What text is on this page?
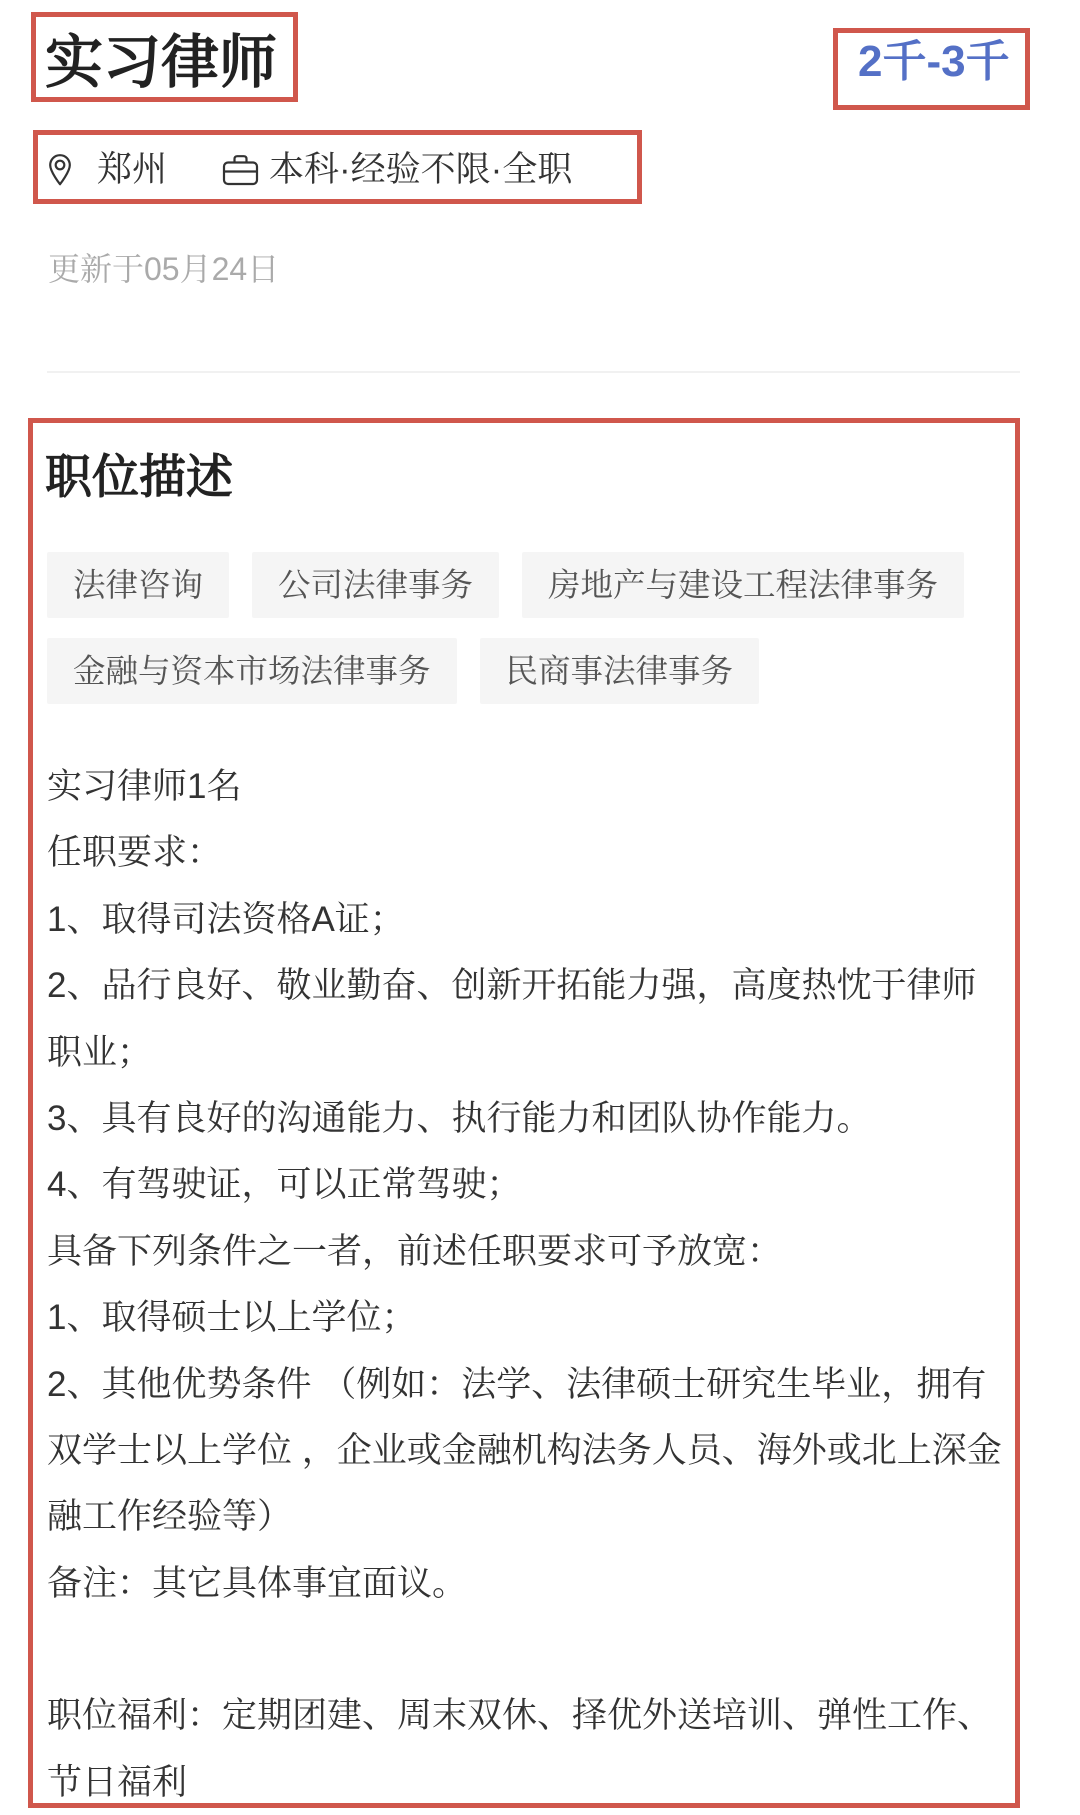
实习律师	2千-3千
郑州	本科·经验不限·全职
更新于05月24日
职位描述
法律咨询	公司法律事务	房地产与建设工程法律事务
金融与资本市场法律事务	民商事法律事务
实习律师1名
任职要求：
1、取得司法资格A证；
2、品行良好、敬业勤奋、创新开拓能力强，高度热忱于律师
职业；
3、具有良好的沟通能力、执行能力和团队协作能力。
4、有驾驶证，可以正常驾驶；
具备下列条件之一者，前述任职要求可予放宽：
1、取得硕士以上学位；
2、其他优势条件 （例如：法学、法律硕士研究生毕业，拥有
双学士以上学位 ，企业或金融机构法务人员、海外或北上深金
融工作经验等）
备注：其它具体事宜面议。
职位福利：定期团建、周末双休、择优外送培训、弹性工作、
节日福利
